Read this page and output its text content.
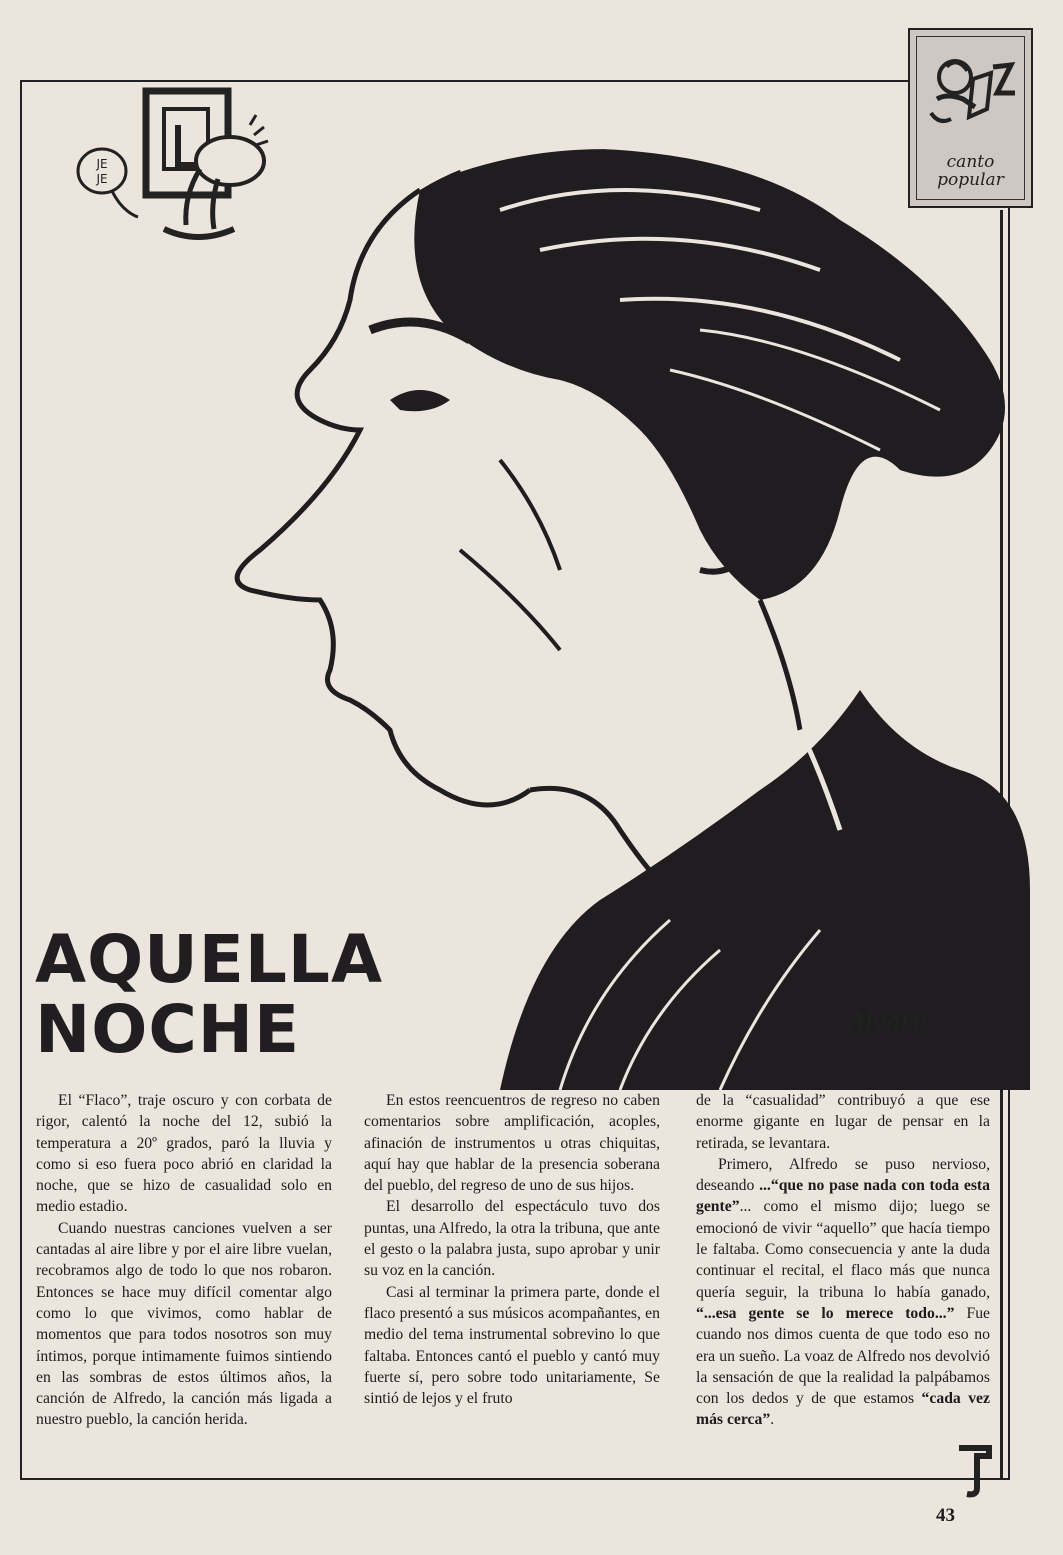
canto
popular
JE
JE
AQUELLA
NOCHE	Alvaro

El “Flaco”, traje oscuro y con corbata de rigor, calentó la noche del 12, subió la temperatura a 20º grados, paró la lluvia y como si eso fuera poco abrió en claridad la noche, que se hizo de casualidad solo en medio estadio.

Cuando nuestras canciones vuelven a ser cantadas al aire libre y por el aire libre vuelan, recobramos algo de todo lo que nos robaron. Entonces se hace muy difícil comentar algo como lo que vivimos, como hablar de momentos que para todos nosotros son muy íntimos, porque intimamente fuimos sintiendo en las sombras de estos últimos años, la canción de Alfredo, la canción más ligada a nuestro pueblo, la canción herida.

En estos reencuentros de regreso no caben comentarios sobre amplificación, acoples, afinación de instrumentos u otras chiquitas, aquí hay que hablar de la presencia soberana del pueblo, del regreso de uno de sus hijos.

El desarrollo del espectáculo tuvo dos puntas, una Alfredo, la otra la tribuna, que ante el gesto o la palabra justa, supo aprobar y unir su voz en la canción.

Casi al terminar la primera parte, donde el flaco presentó a sus músicos acompañantes, en medio del tema instrumental sobrevino lo que faltaba. Entonces cantó el pueblo y cantó muy fuerte sí, pero sobre todo unitariamente, Se sintió de lejos y el fruto

de la “casualidad” contribuyó a que ese enorme gigante en lugar de pensar en la retirada, se levantara.

Primero, Alfredo se puso nervioso, deseando ...“que no pase nada con toda esta gente”... como el mismo dijo; luego se emocionó de vivir “aquello” que hacía tiempo le faltaba. Como consecuencia y ante la duda continuar el recital, el flaco más que nunca quería seguir, la tribuna lo había ganado, “...esa gente se lo merece todo...” Fue cuando nos dimos cuenta de que todo eso no era un sueño. La voaz de Alfredo nos devolvió la sensación de que la realidad la palpábamos con los dedos y de que estamos “cada vez más cerca”.

43
